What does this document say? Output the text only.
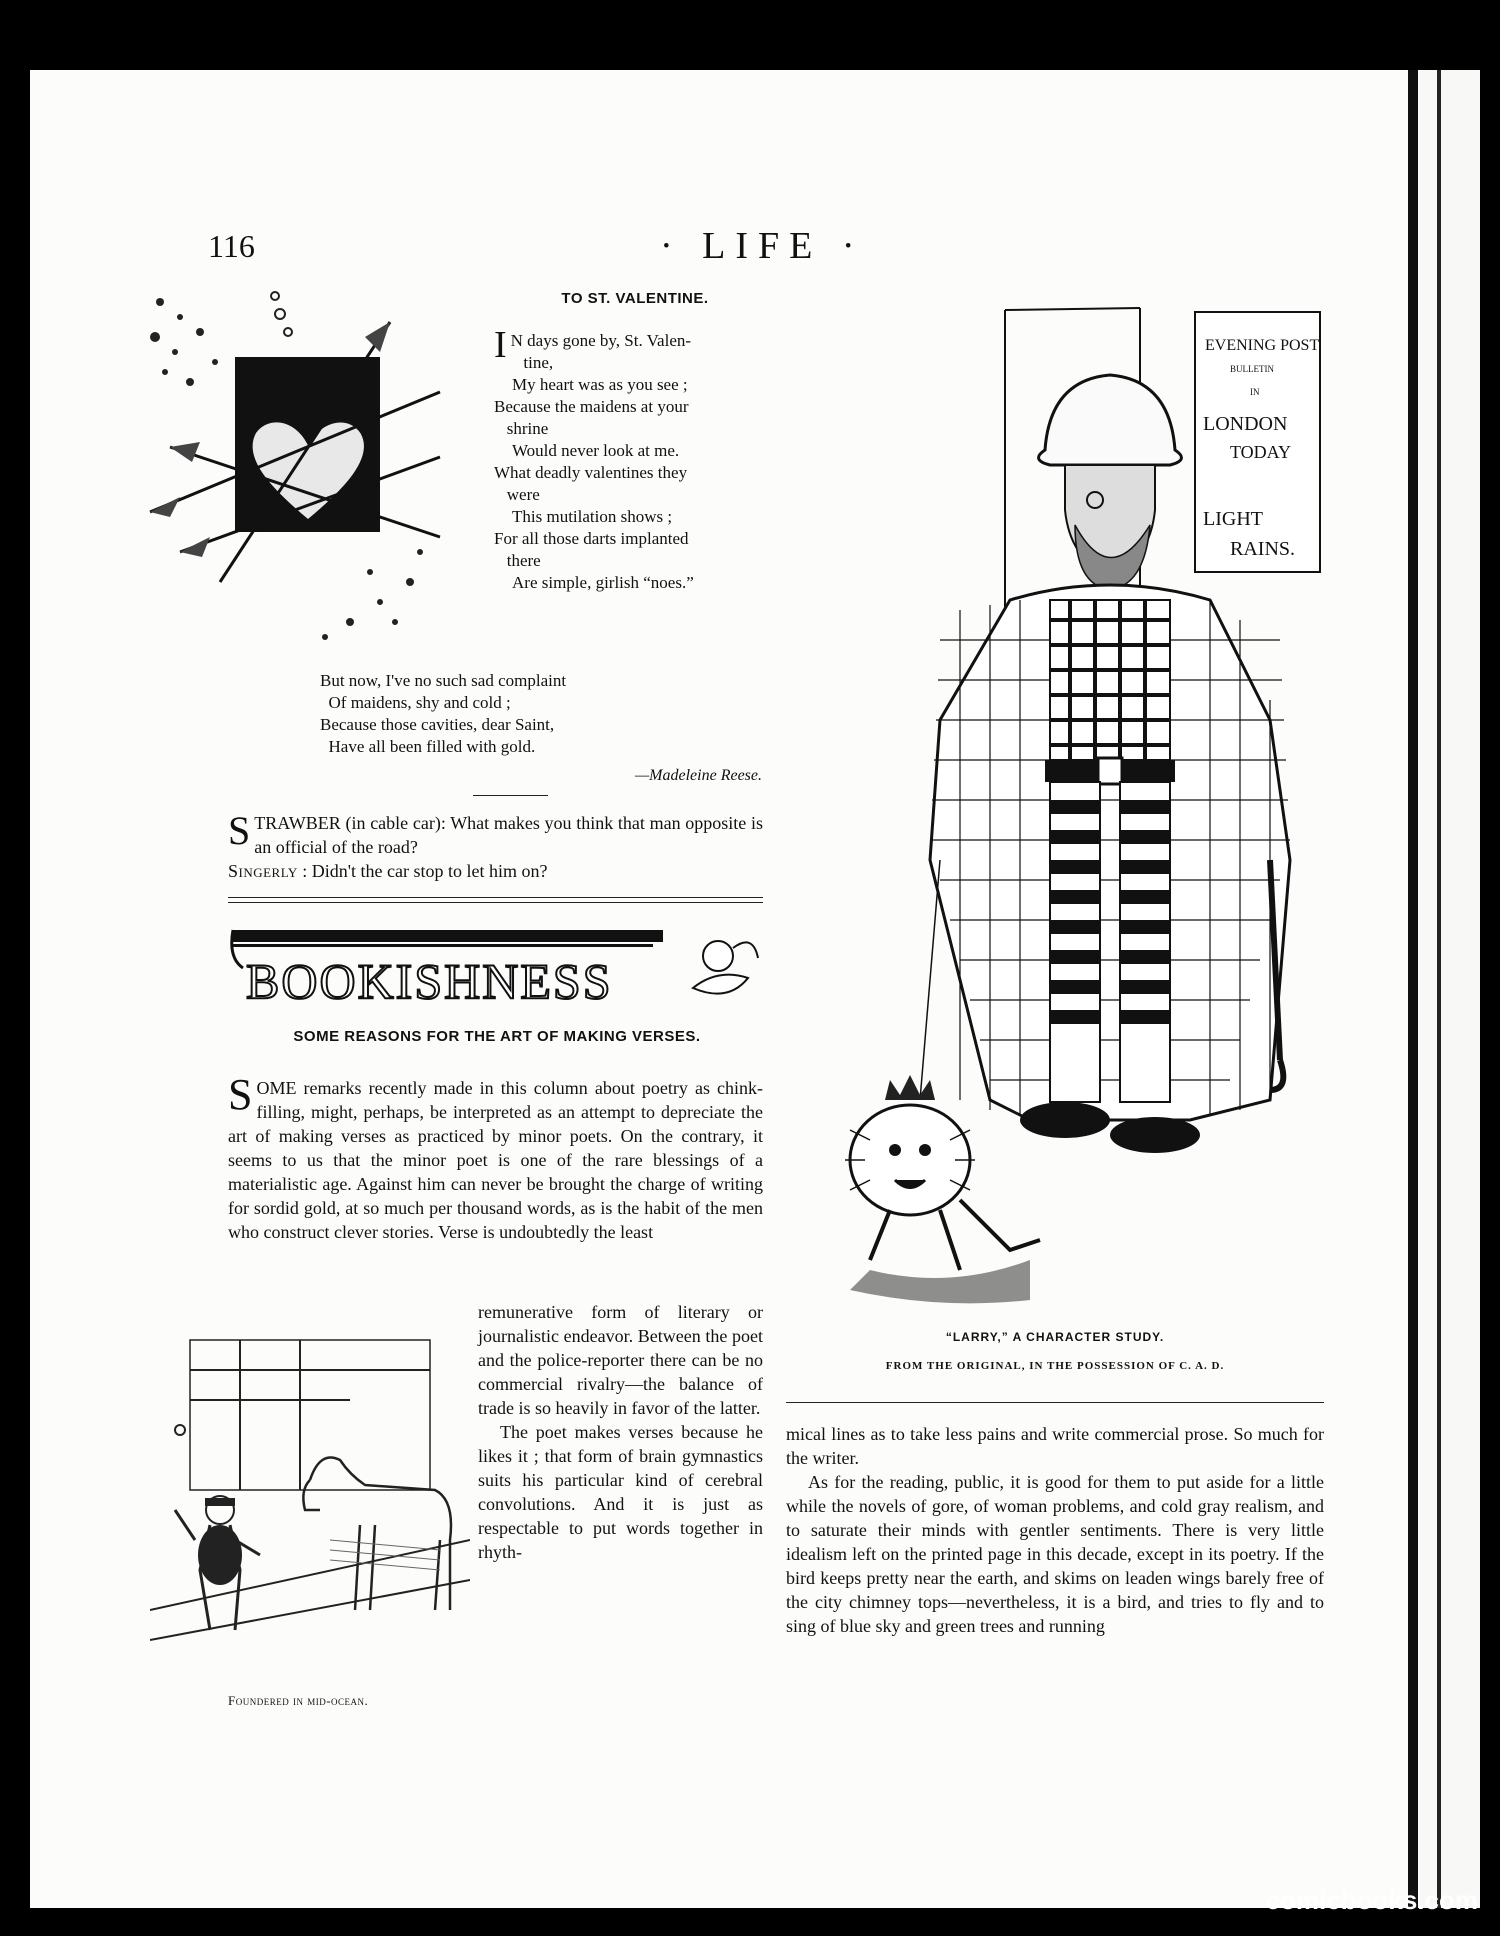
116	· LIFE ·
TO ST. VALENTINE.
I N days gone by, St. Valen-
tine,
My heart was as you see ;
Because the maidens at your
shrine
Would never look at me.
What deadly valentines they
were
This mutilation shows ;
For all those darts implanted
there
Are simple, girlish “noes.”
But now, I've no such sad complaint
Of maidens, shy and cold ;
Because those cavities, dear Saint,
Have all been filled with gold.
—Madeleine Reese.
STRAWBER (in cable car): What makes you think that man opposite is an official of the road?
Singerly : Didn't the car stop to let him on?
BOOKISHNESS
SOME REASONS FOR THE ART OF MAKING VERSES.
SOME remarks recently made in this column about poetry as chink-filling, might, perhaps, be interpreted as an attempt to depreciate the art of making verses as practiced by minor poets. On the contrary, it seems to us that the minor poet is one of the rare blessings of a materialistic age. Against him can never be brought the charge of writing for sordid gold, at so much per thousand words, as is the habit of the men who construct clever stories. Verse is undoubtedly the least
remunerative form of literary or journalistic endeavor. Between the poet and the police-reporter there can be no commercial rivalry—the balance of trade is so heavily in favor of the latter.
The poet makes verses because he likes it ; that form of brain gymnastics suits his particular kind of cerebral convolutions. And it is just as respectable to put words together in rhyth-
Foundered in mid-ocean.
EVENING POST
BULLETIN
IN
LONDON
TODAY
LIGHT
RAINS.
“LARRY,” A CHARACTER STUDY.
FROM THE ORIGINAL, IN THE POSSESSION OF C. A. D.
mical lines as to take less pains and write commercial prose. So much for the writer.
As for the reading, public, it is good for them to put aside for a little while the novels of gore, of woman problems, and cold gray realism, and to saturate their minds with gentler sentiments. There is very little idealism left on the printed page in this decade, except in its poetry. If the bird keeps pretty near the earth, and skims on leaden wings barely free of the city chimney tops—nevertheless, it is a bird, and tries to fly and to sing of blue sky and green trees and running
comicbooks.com
